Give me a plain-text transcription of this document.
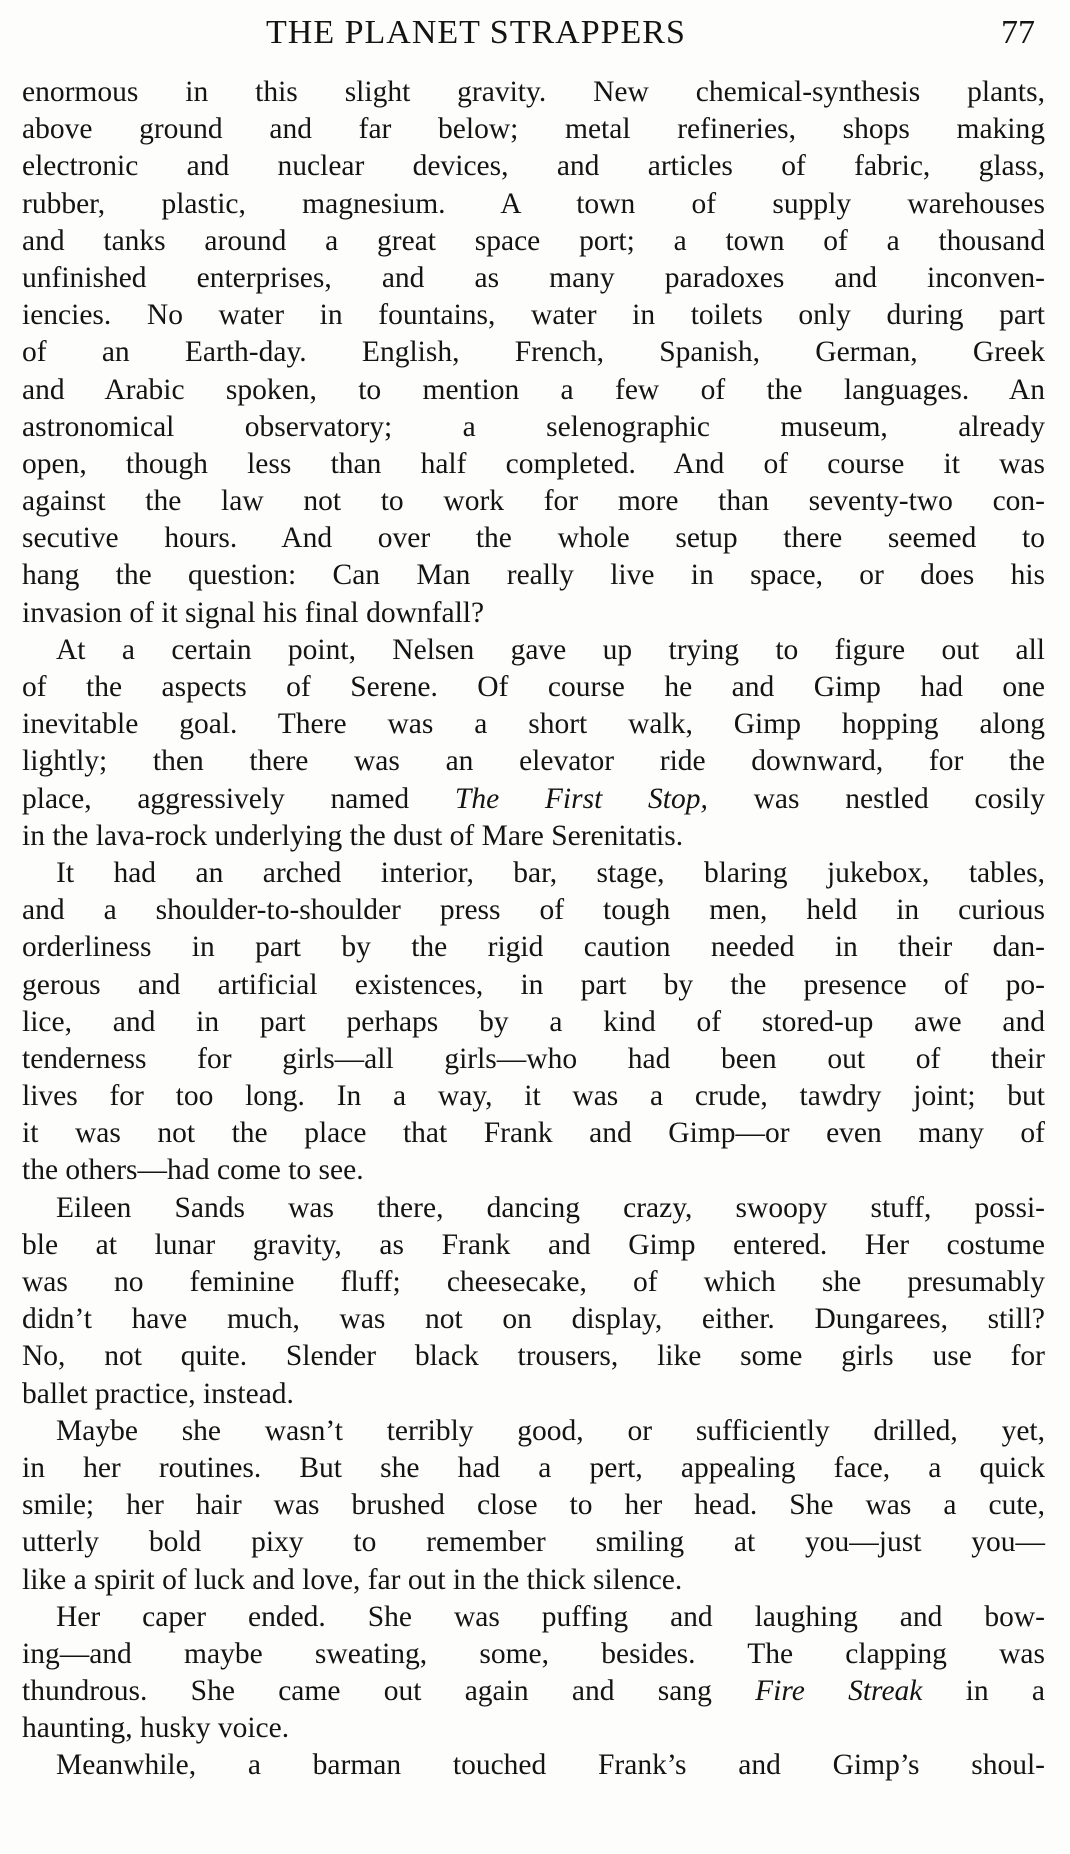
THE PLANET STRAPPERS	77
enormous in this slight gravity. New chemical-synthesis plants,
above ground and far below; metal refineries, shops making
electronic and nuclear devices, and articles of fabric, glass,
rubber, plastic, magnesium. A town of supply warehouses
and tanks around a great space port; a town of a thousand
unfinished enterprises, and as many paradoxes and inconven-
iencies. No water in fountains, water in toilets only during part
of an Earth-day. English, French, Spanish, German, Greek
and Arabic spoken, to mention a few of the languages. An
astronomical observatory; a selenographic museum, already
open, though less than half completed. And of course it was
against the law not to work for more than seventy-two con-
secutive hours. And over the whole setup there seemed to
hang the question: Can Man really live in space, or does his
invasion of it signal his final downfall?
At a certain point, Nelsen gave up trying to figure out all
of the aspects of Serene. Of course he and Gimp had one
inevitable goal. There was a short walk, Gimp hopping along
lightly; then there was an elevator ride downward, for the
place, aggressively named The First Stop, was nestled cosily
in the lava-rock underlying the dust of Mare Serenitatis.
It had an arched interior, bar, stage, blaring jukebox, tables,
and a shoulder-to-shoulder press of tough men, held in curious
orderliness in part by the rigid caution needed in their dan-
gerous and artificial existences, in part by the presence of po-
lice, and in part perhaps by a kind of stored-up awe and
tenderness for girls—all girls—who had been out of their
lives for too long. In a way, it was a crude, tawdry joint; but
it was not the place that Frank and Gimp—or even many of
the others—had come to see.
Eileen Sands was there, dancing crazy, swoopy stuff, possi-
ble at lunar gravity, as Frank and Gimp entered. Her costume
was no feminine fluff; cheesecake, of which she presumably
didn’t have much, was not on display, either. Dungarees, still?
No, not quite. Slender black trousers, like some girls use for
ballet practice, instead.
Maybe she wasn’t terribly good, or sufficiently drilled, yet,
in her routines. But she had a pert, appealing face, a quick
smile; her hair was brushed close to her head. She was a cute,
utterly bold pixy to remember smiling at you—just you—
like a spirit of luck and love, far out in the thick silence.
Her caper ended. She was puffing and laughing and bow-
ing—and maybe sweating, some, besides. The clapping was
thundrous. She came out again and sang Fire Streak in a
haunting, husky voice.
Meanwhile, a barman touched Frank’s and Gimp’s shoul-
